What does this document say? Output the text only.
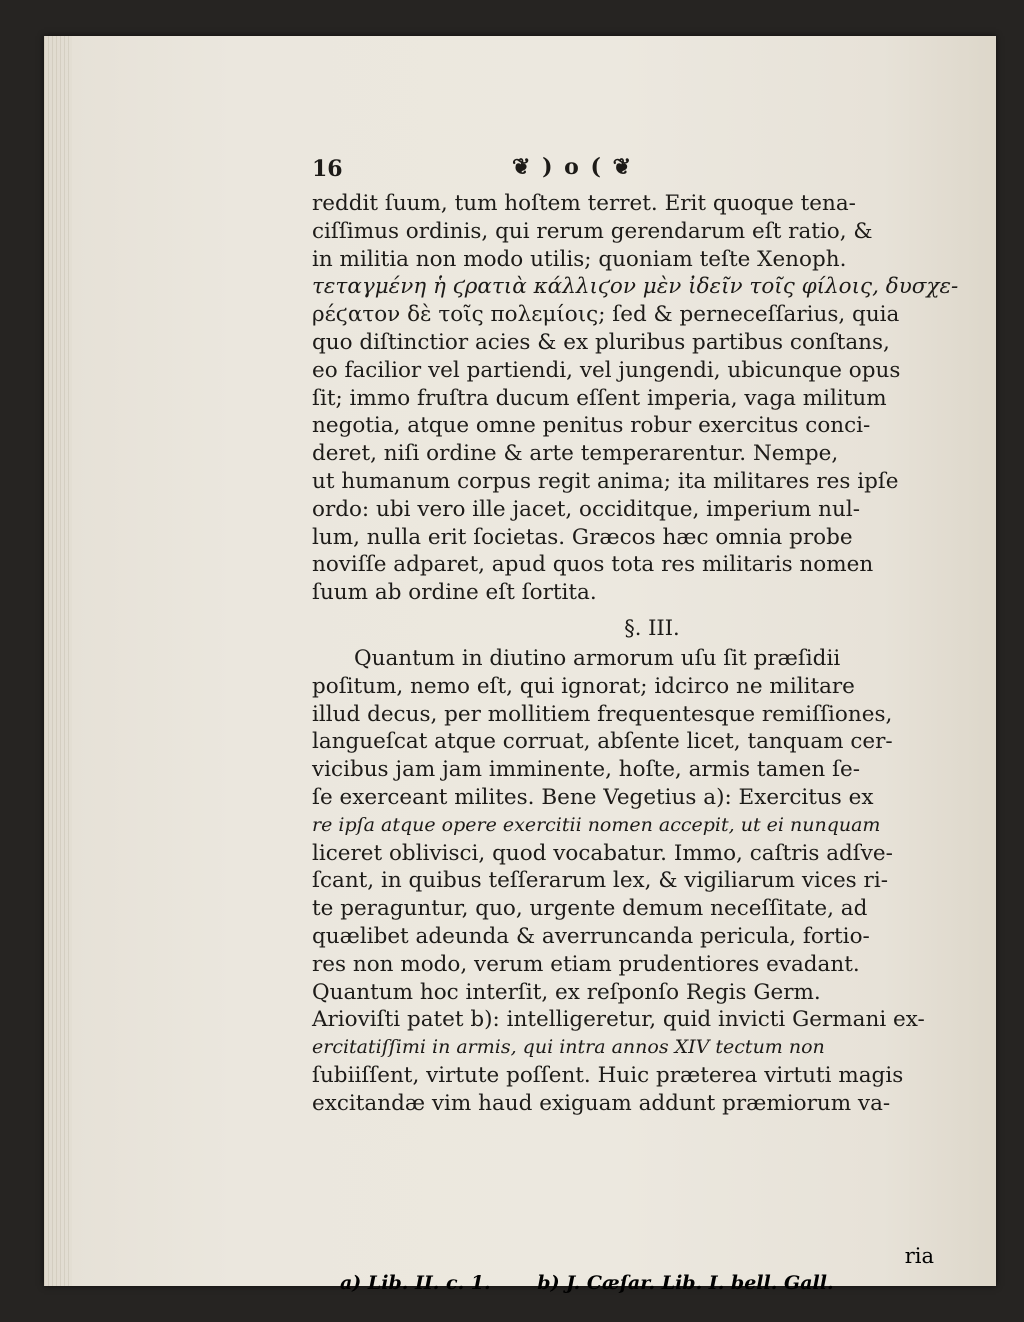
16	❦ ) o ( ❦
reddit ſuum, tum hoſtem terret. Erit quoque tena-
ciſſimus ordinis, qui rerum gerendarum eſt ratio, &
in militia non modo utilis; quoniam teſte Xenoph.
τεταγμένη ἡ ϛρατιὰ κάλλιϛον μὲν ἰδεῖν τοῖς φίλοις, δυσχε-
ρέϛατον δὲ τοῖς πολεμίοις; ſed & perneceſſarius, quia
quo diſtinctior acies & ex pluribus partibus conſtans,
eo facilior vel partiendi, vel jungendi, ubicunque opus
ſit; immo fruſtra ducum eſſent imperia, vaga militum
negotia, atque omne penitus robur exercitus conci-
deret, niſi ordine & arte temperarentur. Nempe,
ut humanum corpus regit anima; ita militares res ipſe
ordo: ubi vero ille jacet, occiditque, imperium nul-
lum, nulla erit ſocietas. Græcos hæc omnia probe
noviſſe adparet, apud quos tota res militaris nomen
ſuum ab ordine eſt ſortita.
§. III.
Quantum in diutino armorum uſu ſit præſidii
poſitum, nemo eſt, qui ignorat; idcirco ne militare
illud decus, per mollitiem frequentesque remiſſiones,
langueſcat atque corruat, abſente licet, tanquam cer-
vicibus jam jam imminente, hoſte, armis tamen ſe-
ſe exerceant milites. Bene Vegetius a): Exercitus ex
re ipſa atque opere exercitii nomen accepit, ut ei nunquam
liceret oblivisci, quod vocabatur. Immo, caſtris adſve-
ſcant, in quibus teſſerarum lex, & vigiliarum vices ri-
te peraguntur, quo, urgente demum neceſſitate, ad
quælibet adeunda & averruncanda pericula, fortio-
res non modo, verum etiam prudentiores evadant.
Quantum hoc interſit, ex reſponſo Regis Germ.
Arioviſti patet b): intelligeretur, quid invicti Germani ex-
ercitatiſſimi in armis, qui intra annos XIV tectum non
ſubiiſſent, virtute poſſent. Huic præterea virtuti magis
excitandæ vim haud exiguam addunt præmiorum va-
ria
a) Lib. II. c. 1. b) J. Cæſar. Lib. I. bell. Gall.
